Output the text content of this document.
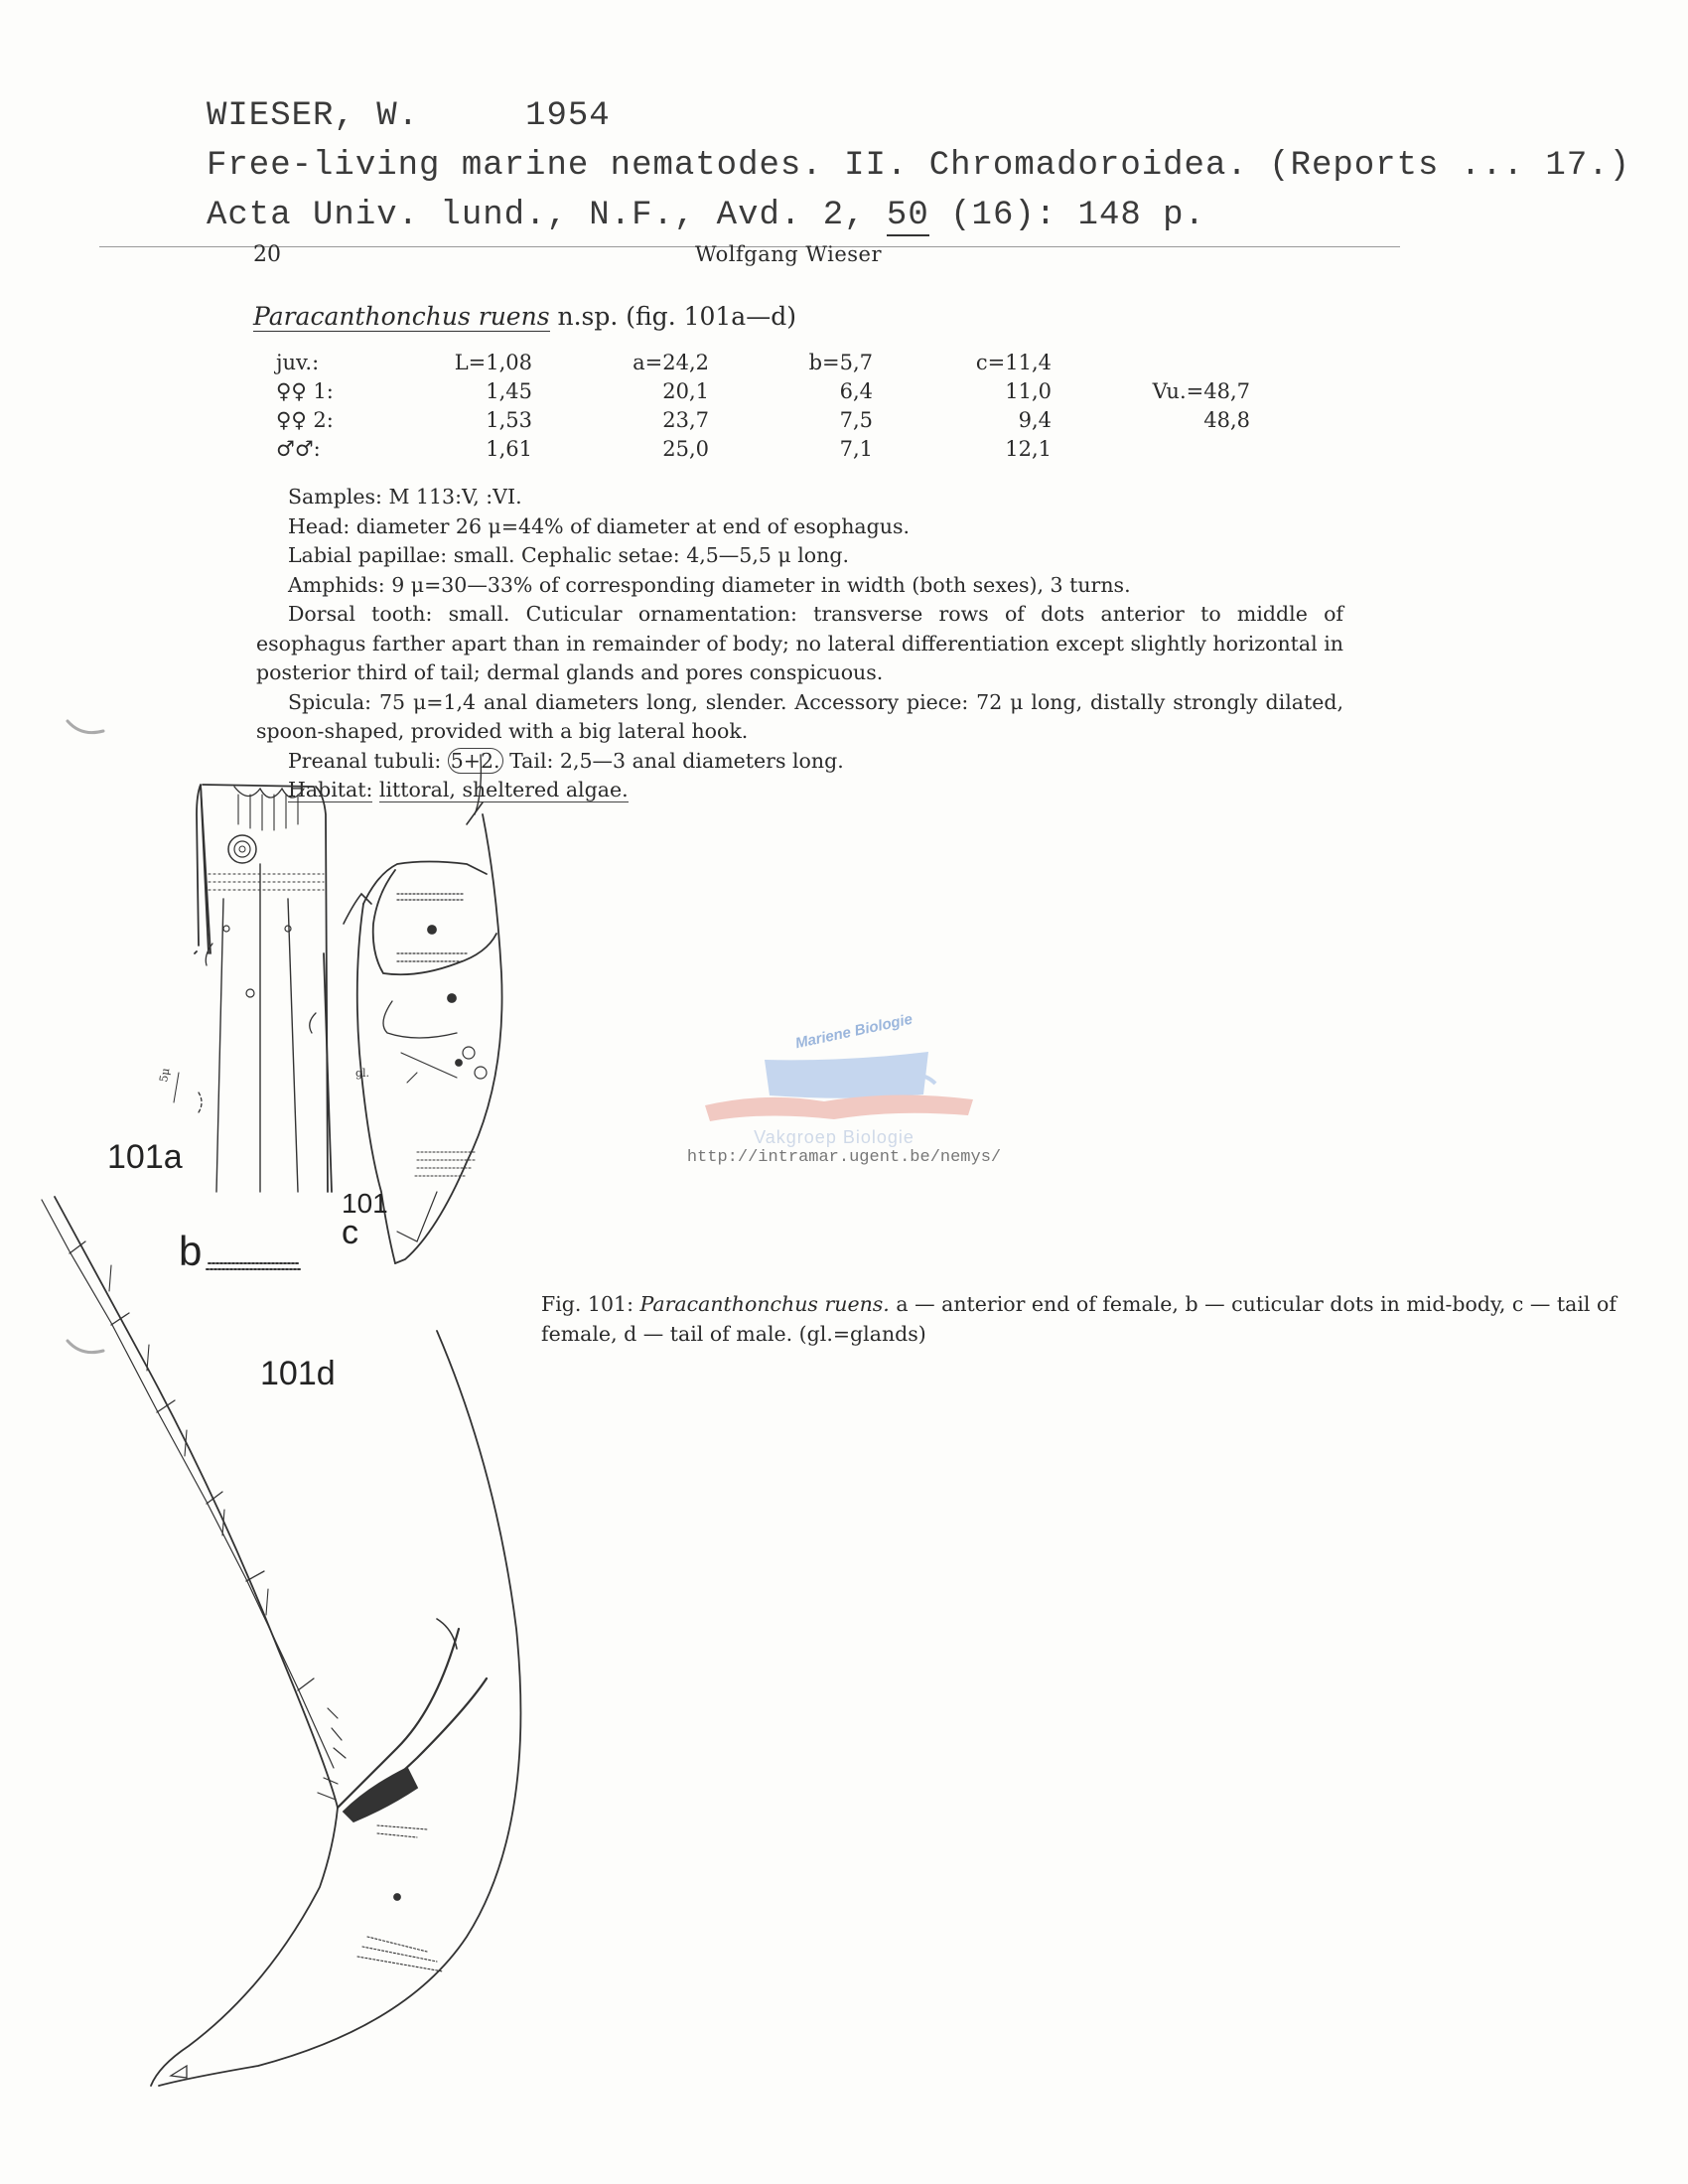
WIESER, W.	1954
Free-living marine nematodes. II. Chromadoroidea. (Reports ... 17.)
Acta Univ. lund., N.F., Avd. 2, 50 (16): 148 p.
20	Wolfgang Wieser
Paracanthonchus ruens n.sp. (fig. 101a—d)
juv.:	L=1,08	a=24,2	b=5,7	c=11,4	
♀♀ 1:	1,45	20,1	6,4	11,0	Vu.=48,7
♀♀ 2:	1,53	23,7	7,5	9,4	48,8
♂♂:	1,61	25,0	7,1	12,1	

Samples: M 113:V, :VI.

Head: diameter 26 μ=44% of diameter at end of esophagus.

Labial papillae: small. Cephalic setae: 4,5—5,5 μ long.

Amphids: 9 μ=30—33% of corresponding diameter in width (both sexes), 3 turns.

Dorsal tooth: small. Cuticular ornamentation: transverse rows of dots anterior to middle of esophagus farther apart than in remainder of body; no lateral differentiation except slightly horizontal in posterior third of tail; dermal glands and pores conspicuous.

Spicula: 75 μ=1,4 anal diameters long, slender. Accessory piece: 72 μ long, distally strongly dilated, spoon-shaped, provided with a big lateral hook.

Preanal tubuli: 5+2. Tail: 2,5—3 anal diameters long.

Habitat: littoral, sheltered algae.

5μ	gl.
101a
b
101
c
101d
Mariene Biologie
Vakgroep Biologie
http://intramar.ugent.be/nemys/
Fig. 101: Paracanthonchus ruens. a — anterior end of female, b — cuticular dots in mid-body, c — tail of female, d — tail of male. (gl.=glands)
